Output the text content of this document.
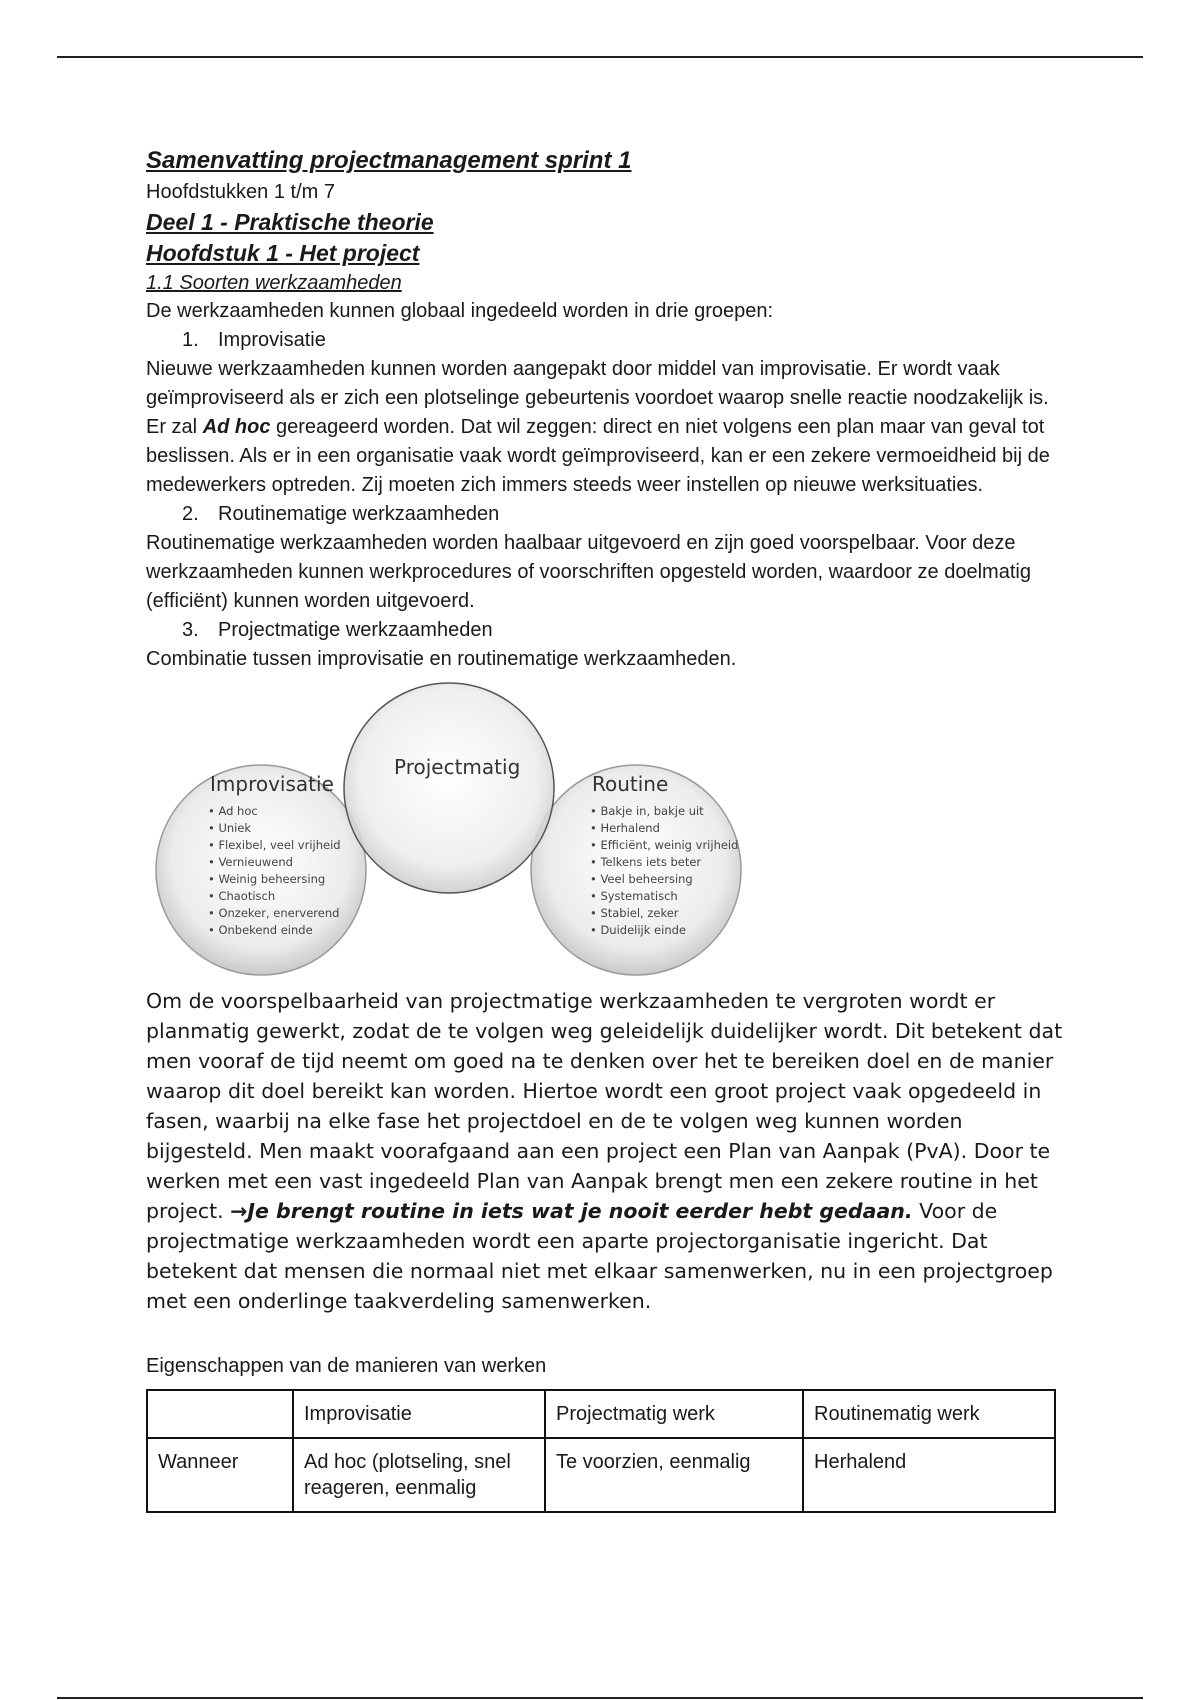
Samenvatting projectmanagement sprint 1

Hoofdstukken 1 t/m 7

Deel 1 - Praktische theorie

Hoofdstuk 1 - Het project

1.1 Soorten werkzaamheden

De werkzaamheden kunnen globaal ingedeeld worden in drie groepen:

1. Improvisatie

Nieuwe werkzaamheden kunnen worden aangepakt door middel van improvisatie. Er wordt vaak geïmproviseerd als er zich een plotselinge gebeurtenis voordoet waarop snelle reactie noodzakelijk is. Er zal Ad hoc gereageerd worden. Dat wil zeggen: direct en niet volgens een plan maar van geval tot beslissen. Als er in een organisatie vaak wordt geïmproviseerd, kan er een zekere vermoeidheid bij de medewerkers optreden. Zij moeten zich immers steeds weer instellen op nieuwe werksituaties.

2. Routinematige werkzaamheden

Routinematige werkzaamheden worden haalbaar uitgevoerd en zijn goed voorspelbaar. Voor deze werkzaamheden kunnen werkprocedures of voorschriften opgesteld worden, waardoor ze doelmatig (efficiënt) kunnen worden uitgevoerd.

3. Projectmatige werkzaamheden

Combinatie tussen improvisatie en routinematige werkzaamheden.

Projectmatig
Improvisatie	Routine
• Ad hoc
• Uniek
• Flexibel, veel vrijheid
• Vernieuwend
• Weinig beheersing
• Chaotisch
• Onzeker, enerverend
• Onbekend einde
• Bakje in, bakje uit
• Herhalend
• Efficiënt, weinig vrijheid
• Telkens iets beter
• Veel beheersing
• Systematisch
• Stabiel, zeker
• Duidelijk einde

Om de voorspelbaarheid van projectmatige werkzaamheden te vergroten wordt er planmatig gewerkt, zodat de te volgen weg geleidelijk duidelijker wordt. Dit betekent dat men vooraf de tijd neemt om goed na te denken over het te bereiken doel en de manier waarop dit doel bereikt kan worden. Hiertoe wordt een groot project vaak opgedeeld in fasen, waarbij na elke fase het projectdoel en de te volgen weg kunnen worden bijgesteld. Men maakt voorafgaand aan een project een Plan van Aanpak (PvA). Door te werken met een vast ingedeeld Plan van Aanpak brengt men een zekere routine in het project. →Je brengt routine in iets wat je nooit eerder hebt gedaan. Voor de projectmatige werkzaamheden wordt een aparte projectorganisatie ingericht. Dat betekent dat mensen die normaal niet met elkaar samenwerken, nu in een projectgroep met een onderlinge taakverdeling samenwerken.

Eigenschappen van de manieren van werken

	Improvisatie	Projectmatig werk	Routinematig werk
Wanneer	Ad hoc (plotseling, snel reageren, eenmalig	Te voorzien, eenmalig	Herhalend
